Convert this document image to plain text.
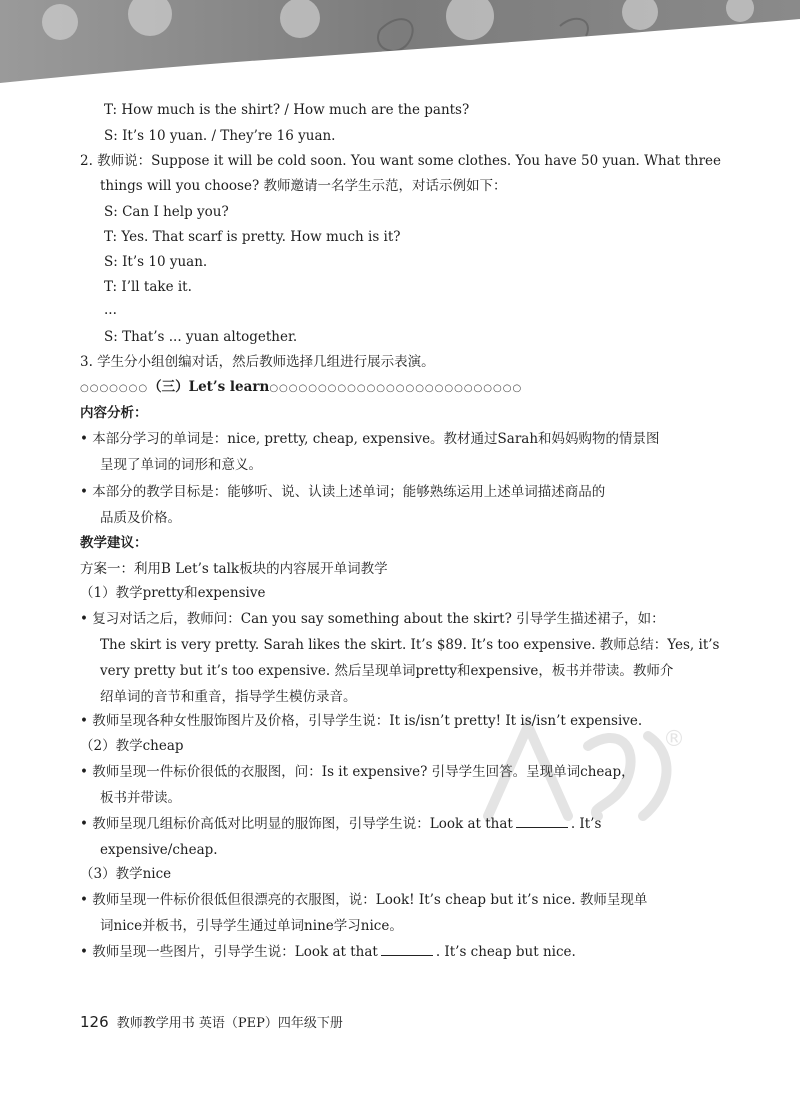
®
T: How much is the shirt? / How much are the pants?
S: It’s 10 yuan. / They’re 16 yuan.
2. 教师说：Suppose it will be cold soon. You want some clothes. You have 50 yuan. What three
things will you choose? 教师邀请一名学生示范，对话示例如下：
S: Can I help you?
T: Yes. That scarf is pretty. How much is it?
S: It’s 10 yuan.
T: I’ll take it.
...
S: That’s ... yuan altogether.
3. 学生分小组创编对话，然后教师选择几组进行展示表演。
○○○○○○○（三）Let’s learn○○○○○○○○○○○○○○○○○○○○○○○○○○
内容分析：
• 本部分学习的单词是：nice, pretty, cheap, expensive。教材通过Sarah和妈妈购物的情景图
呈现了单词的词形和意义。
• 本部分的教学目标是：能够听、说、认读上述单词；能够熟练运用上述单词描述商品的
品质及价格。
教学建议：
方案一：利用B Let’s talk板块的内容展开单词教学
（1）教学pretty和expensive
• 复习对话之后，教师问：Can you say something about the skirt? 引导学生描述裙子，如：
The skirt is very pretty. Sarah likes the skirt. It’s $89. It’s too expensive. 教师总结：Yes, it’s
very pretty but it’s too expensive. 然后呈现单词pretty和expensive，板书并带读。教师介
绍单词的音节和重音，指导学生模仿录音。
• 教师呈现各种女性服饰图片及价格，引导学生说：It is/isn’t pretty! It is/isn’t expensive.
（2）教学cheap
• 教师呈现一件标价很低的衣服图，问：Is it expensive? 引导学生回答。呈现单词cheap，
板书并带读。
• 教师呈现几组标价高低对比明显的服饰图，引导学生说：Look at that	. It’s
expensive/cheap.
（3）教学nice
• 教师呈现一件标价很低但很漂亮的衣服图，说：Look! It’s cheap but it’s nice. 教师呈现单
词nice并板书，引导学生通过单词nine学习nice。
• 教师呈现一些图片，引导学生说：Look at that	. It’s cheap but nice.
126 教师教学用书 英语（PEP）四年级下册
